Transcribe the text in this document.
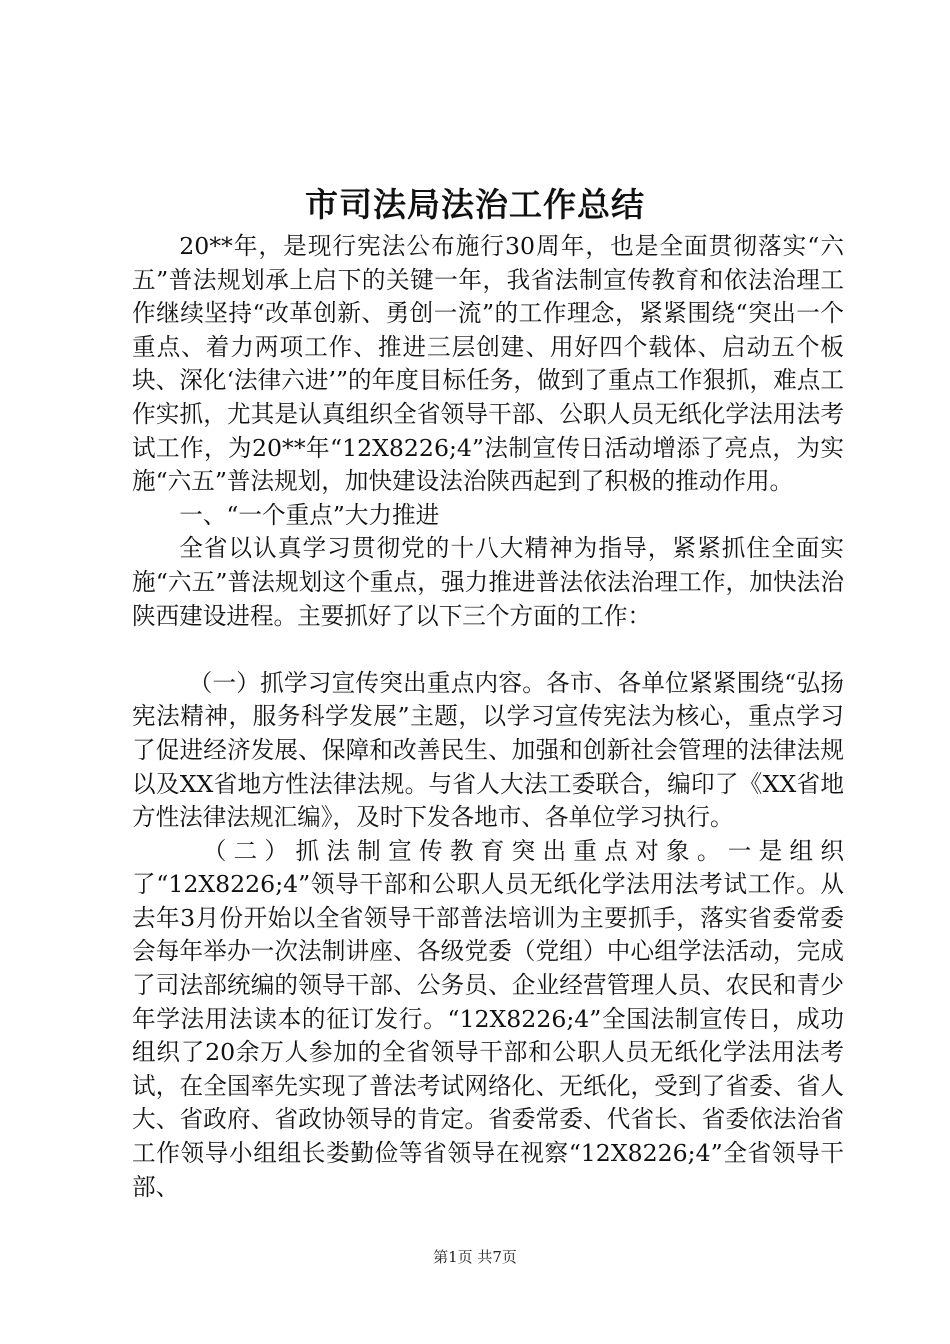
市司法局法治工作总结

20**年，是现行宪法公布施行30周年，也是全面贯彻落实“六五”普法规划承上启下的关键一年，我省法制宣传教育和依法治理工作继续坚持“改革创新、勇创一流”的工作理念，紧紧围绕“突出一个重点、着力两项工作、推进三层创建、用好四个载体、启动五个板块、深化‘法律六进’”的年度目标任务，做到了重点工作狠抓，难点工作实抓，尤其是认真组织全省领导干部、公职人员无纸化学法用法考试工作，为20**年“12X8226;4”法制宣传日活动增添了亮点，为实施“六五”普法规划，加快建设法治陕西起到了积极的推动作用。

一、“一个重点”大力推进

全省以认真学习贯彻党的十八大精神为指导，紧紧抓住全面实施“六五”普法规划这个重点，强力推进普法依法治理工作，加快法治陕西建设进程。主要抓好了以下三个方面的工作：

（一）抓学习宣传突出重点内容。各市、各单位紧紧围绕“弘扬宪法精神，服务科学发展”主题，以学习宣传宪法为核心，重点学习了促进经济发展、保障和改善民生、加强和创新社会管理的法律法规以及XX省地方性法律法规。与省人大法工委联合，编印了《XX省地方性法律法规汇编》，及时下发各地市、各单位学习执行。

（二）抓法制宣传教育突出重点对象。一是组织了“12X8226;4”领导干部和公职人员无纸化学法用法考试工作。从去年3月份开始以全省领导干部普法培训为主要抓手，落实省委常委会每年举办一次法制讲座、各级党委（党组）中心组学法活动，完成了司法部统编的领导干部、公务员、企业经营管理人员、农民和青少年学法用法读本的征订发行。“12X8226;4”全国法制宣传日，成功组织了20余万人参加的全省领导干部和公职人员无纸化学法用法考试，在全国率先实现了普法考试网络化、无纸化，受到了省委、省人大、省政府、省政协领导的肯定。省委常委、代省长、省委依法治省工作领导小组组长娄勤俭等省领导在视察“12X8226;4”全省领导干部、

第1页 共7页
